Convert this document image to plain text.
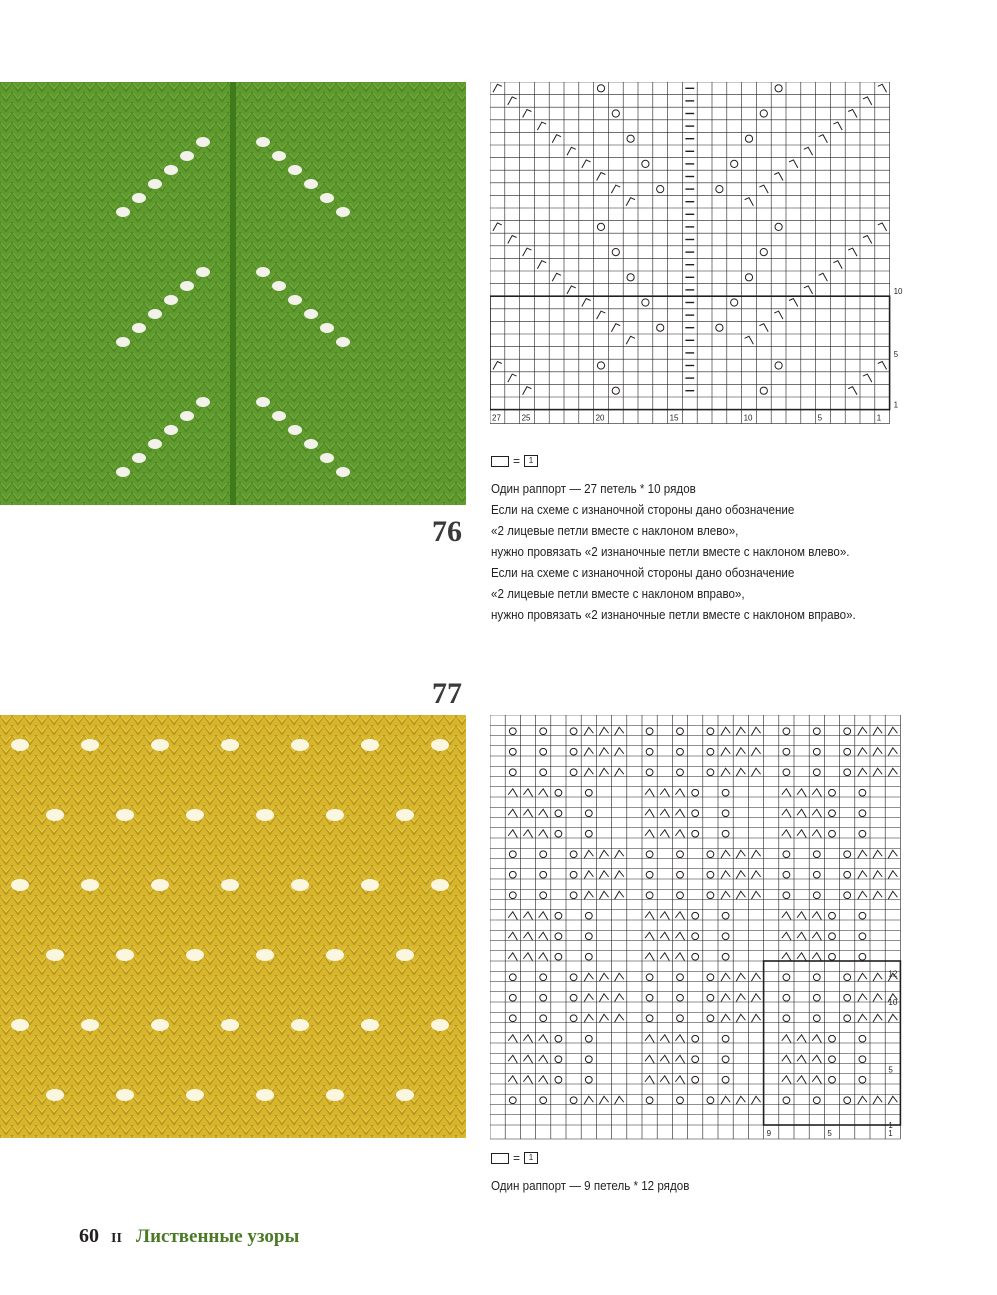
76
10
5
1
27	25	20	15	10	5	1
=	1
Один раппорт — 27 петель * 10 рядов
Если на схеме с изнаночной стороны дано обозначение
«2 лицевые петли вместе с наклоном влево»,
нужно провязать «2 изнаночные петли вместе с наклоном влево».
Если на схеме с изнаночной стороны дано обозначение
«2 лицевые петли вместе с наклоном вправо»,
нужно провязать «2 изнаночные петли вместе с наклоном вправо».
77
12
10
5
1
9	5	1
=	1
Один раппорт — 9 петель * 12 рядов
60 II Лиственные узоры
